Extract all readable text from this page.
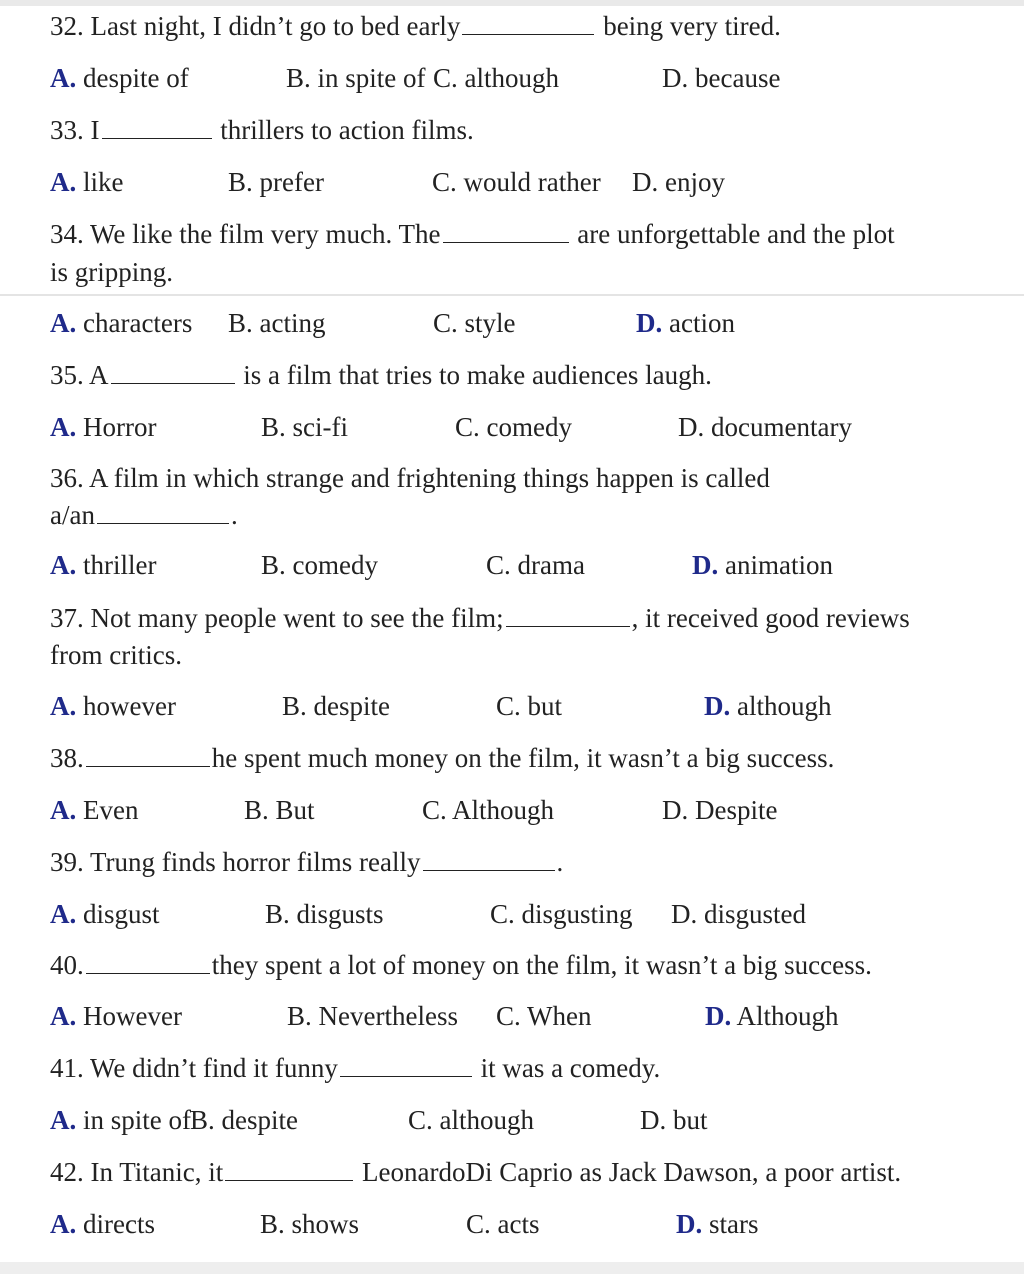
32. Last night, I didn’t go to bed early	being very tired.
A. despite of	B. in spite of C. although	D. because
33. I	thrillers to action films.
A. like	B. prefer	C. would rather D. enjoy
34. We like the film very much. The	are unforgettable and the plot
is gripping.
A. characters B. acting	C. style	D. action
35. A	is a film that tries to make audiences laugh.
A. Horror	B. sci-fi	C. comedy	D. documentary
36. A film in which strange and frightening things happen is called
a/an	.
A. thriller	B. comedy	C. drama	D. animation
37. Not many people went to see the film;	, it received good reviews
from critics.
A. however	B. despite	C. but	D. although
38.	he spent much money on the film, it wasn’t a big success.
A. Even	B. But	C. Although	D. Despite
39. Trung finds horror films really	.
A. disgust	B. disgusts	C. disgusting D. disgusted
40.	they spent a lot of money on the film, it wasn’t a big success.
A. However	B. Nevertheless C. When	D. Although
41. We didn’t find it funny	it was a comedy.
A. in spite of B. despite	C. although	D. but
42. In Titanic, it	LeonardoDi Caprio as Jack Dawson, a poor artist.
A. directs	B. shows	C. acts	D. stars
